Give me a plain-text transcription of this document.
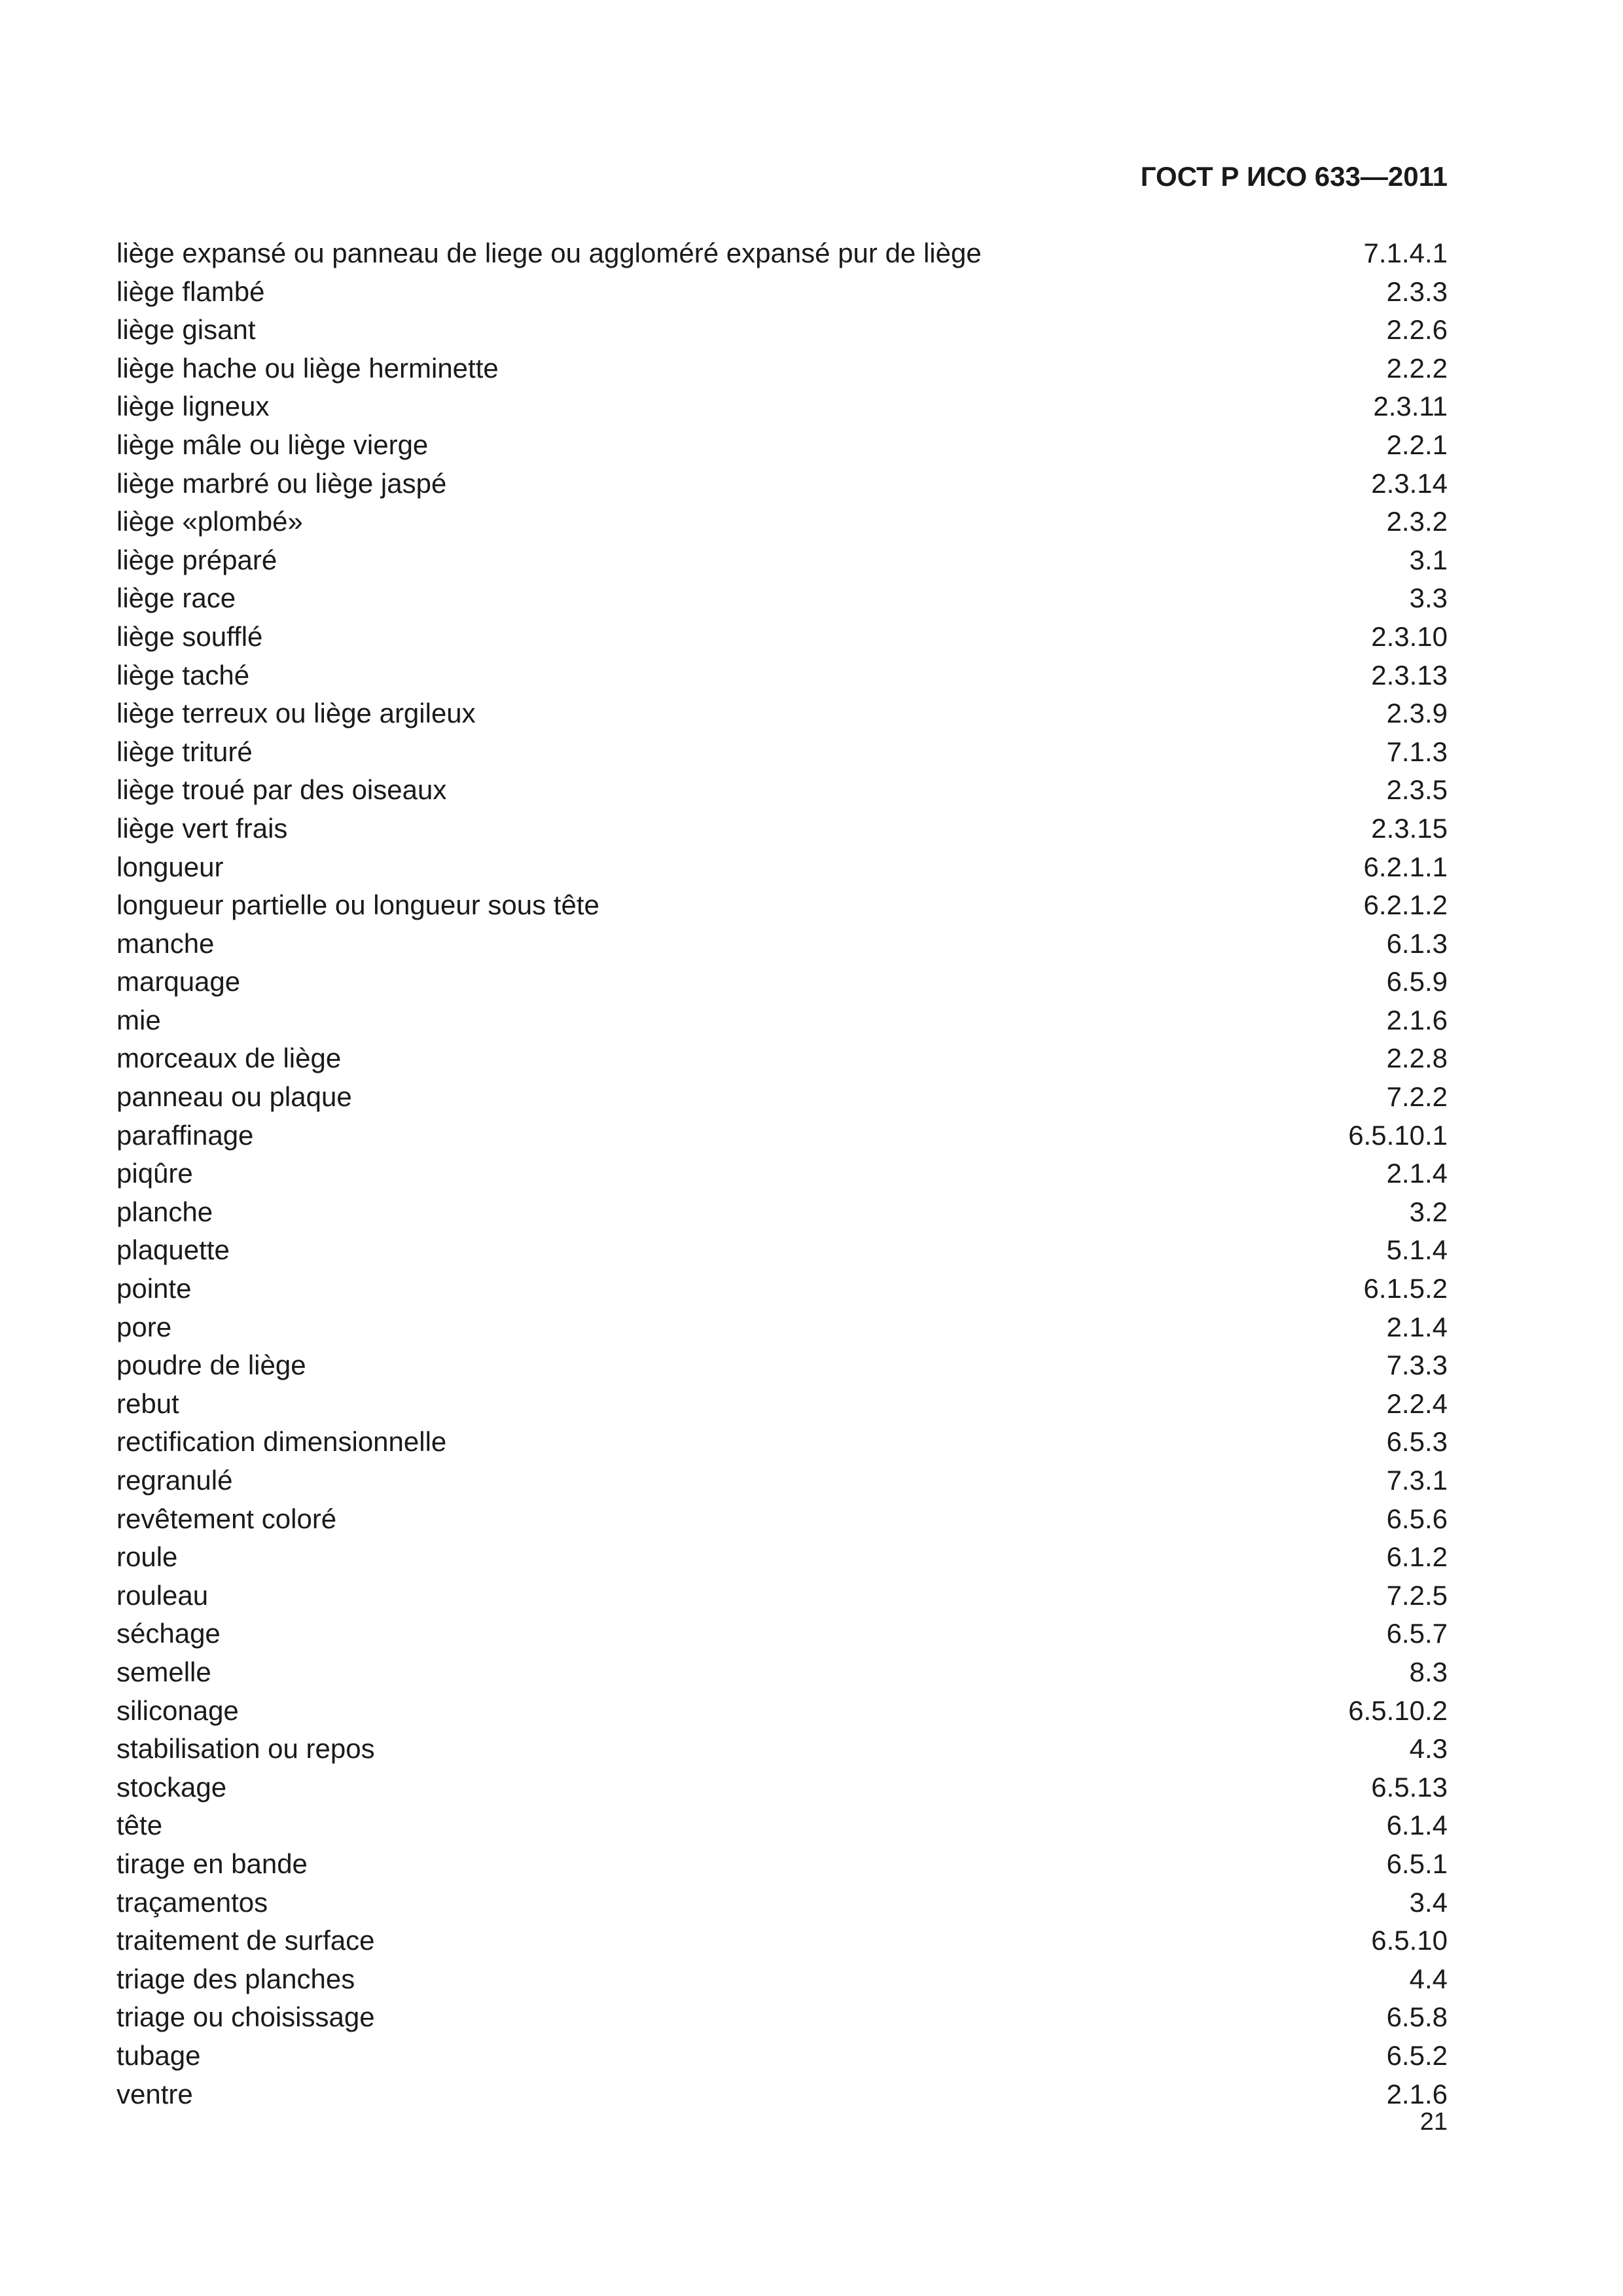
ГОСТ Р ИСО 633—2011
liège expansé ou panneau de liege ou aggloméré expansé pur de liège	7.1.4.1
liège flambé	2.3.3
liège gisant	2.2.6
liège hache ou liège herminette	2.2.2
liège ligneux	2.3.11
liège mâle ou liège vierge	2.2.1
liège marbré ou liège jaspé	2.3.14
liège «plombé»	2.3.2
liège préparé	3.1
liège race	3.3
liège soufflé	2.3.10
liège taché	2.3.13
liège terreux ou liège argileux	2.3.9
liège trituré	7.1.3
liège troué par des oiseaux	2.3.5
liège vert frais	2.3.15
longueur	6.2.1.1
longueur partielle ou longueur sous tête	6.2.1.2
manche	6.1.3
marquage	6.5.9
mie	2.1.6
morceaux de liège	2.2.8
panneau ou plaque	7.2.2
paraffinage	6.5.10.1
piqûre	2.1.4
planche	3.2
plaquette	5.1.4
pointe	6.1.5.2
pore	2.1.4
poudre de liège	7.3.3
rebut	2.2.4
rectification dimensionnelle	6.5.3
regranulé	7.3.1
revêtement coloré	6.5.6
roule	6.1.2
rouleau	7.2.5
séchage	6.5.7
semelle	8.3
siliconage	6.5.10.2
stabilisation ou repos	4.3
stockage	6.5.13
tête	6.1.4
tirage en bande	6.5.1
traçamentos	3.4
traitement de surface	6.5.10
triage des planches	4.4
triage ou choisissage	6.5.8
tubage	6.5.2
ventre	2.1.6
21
